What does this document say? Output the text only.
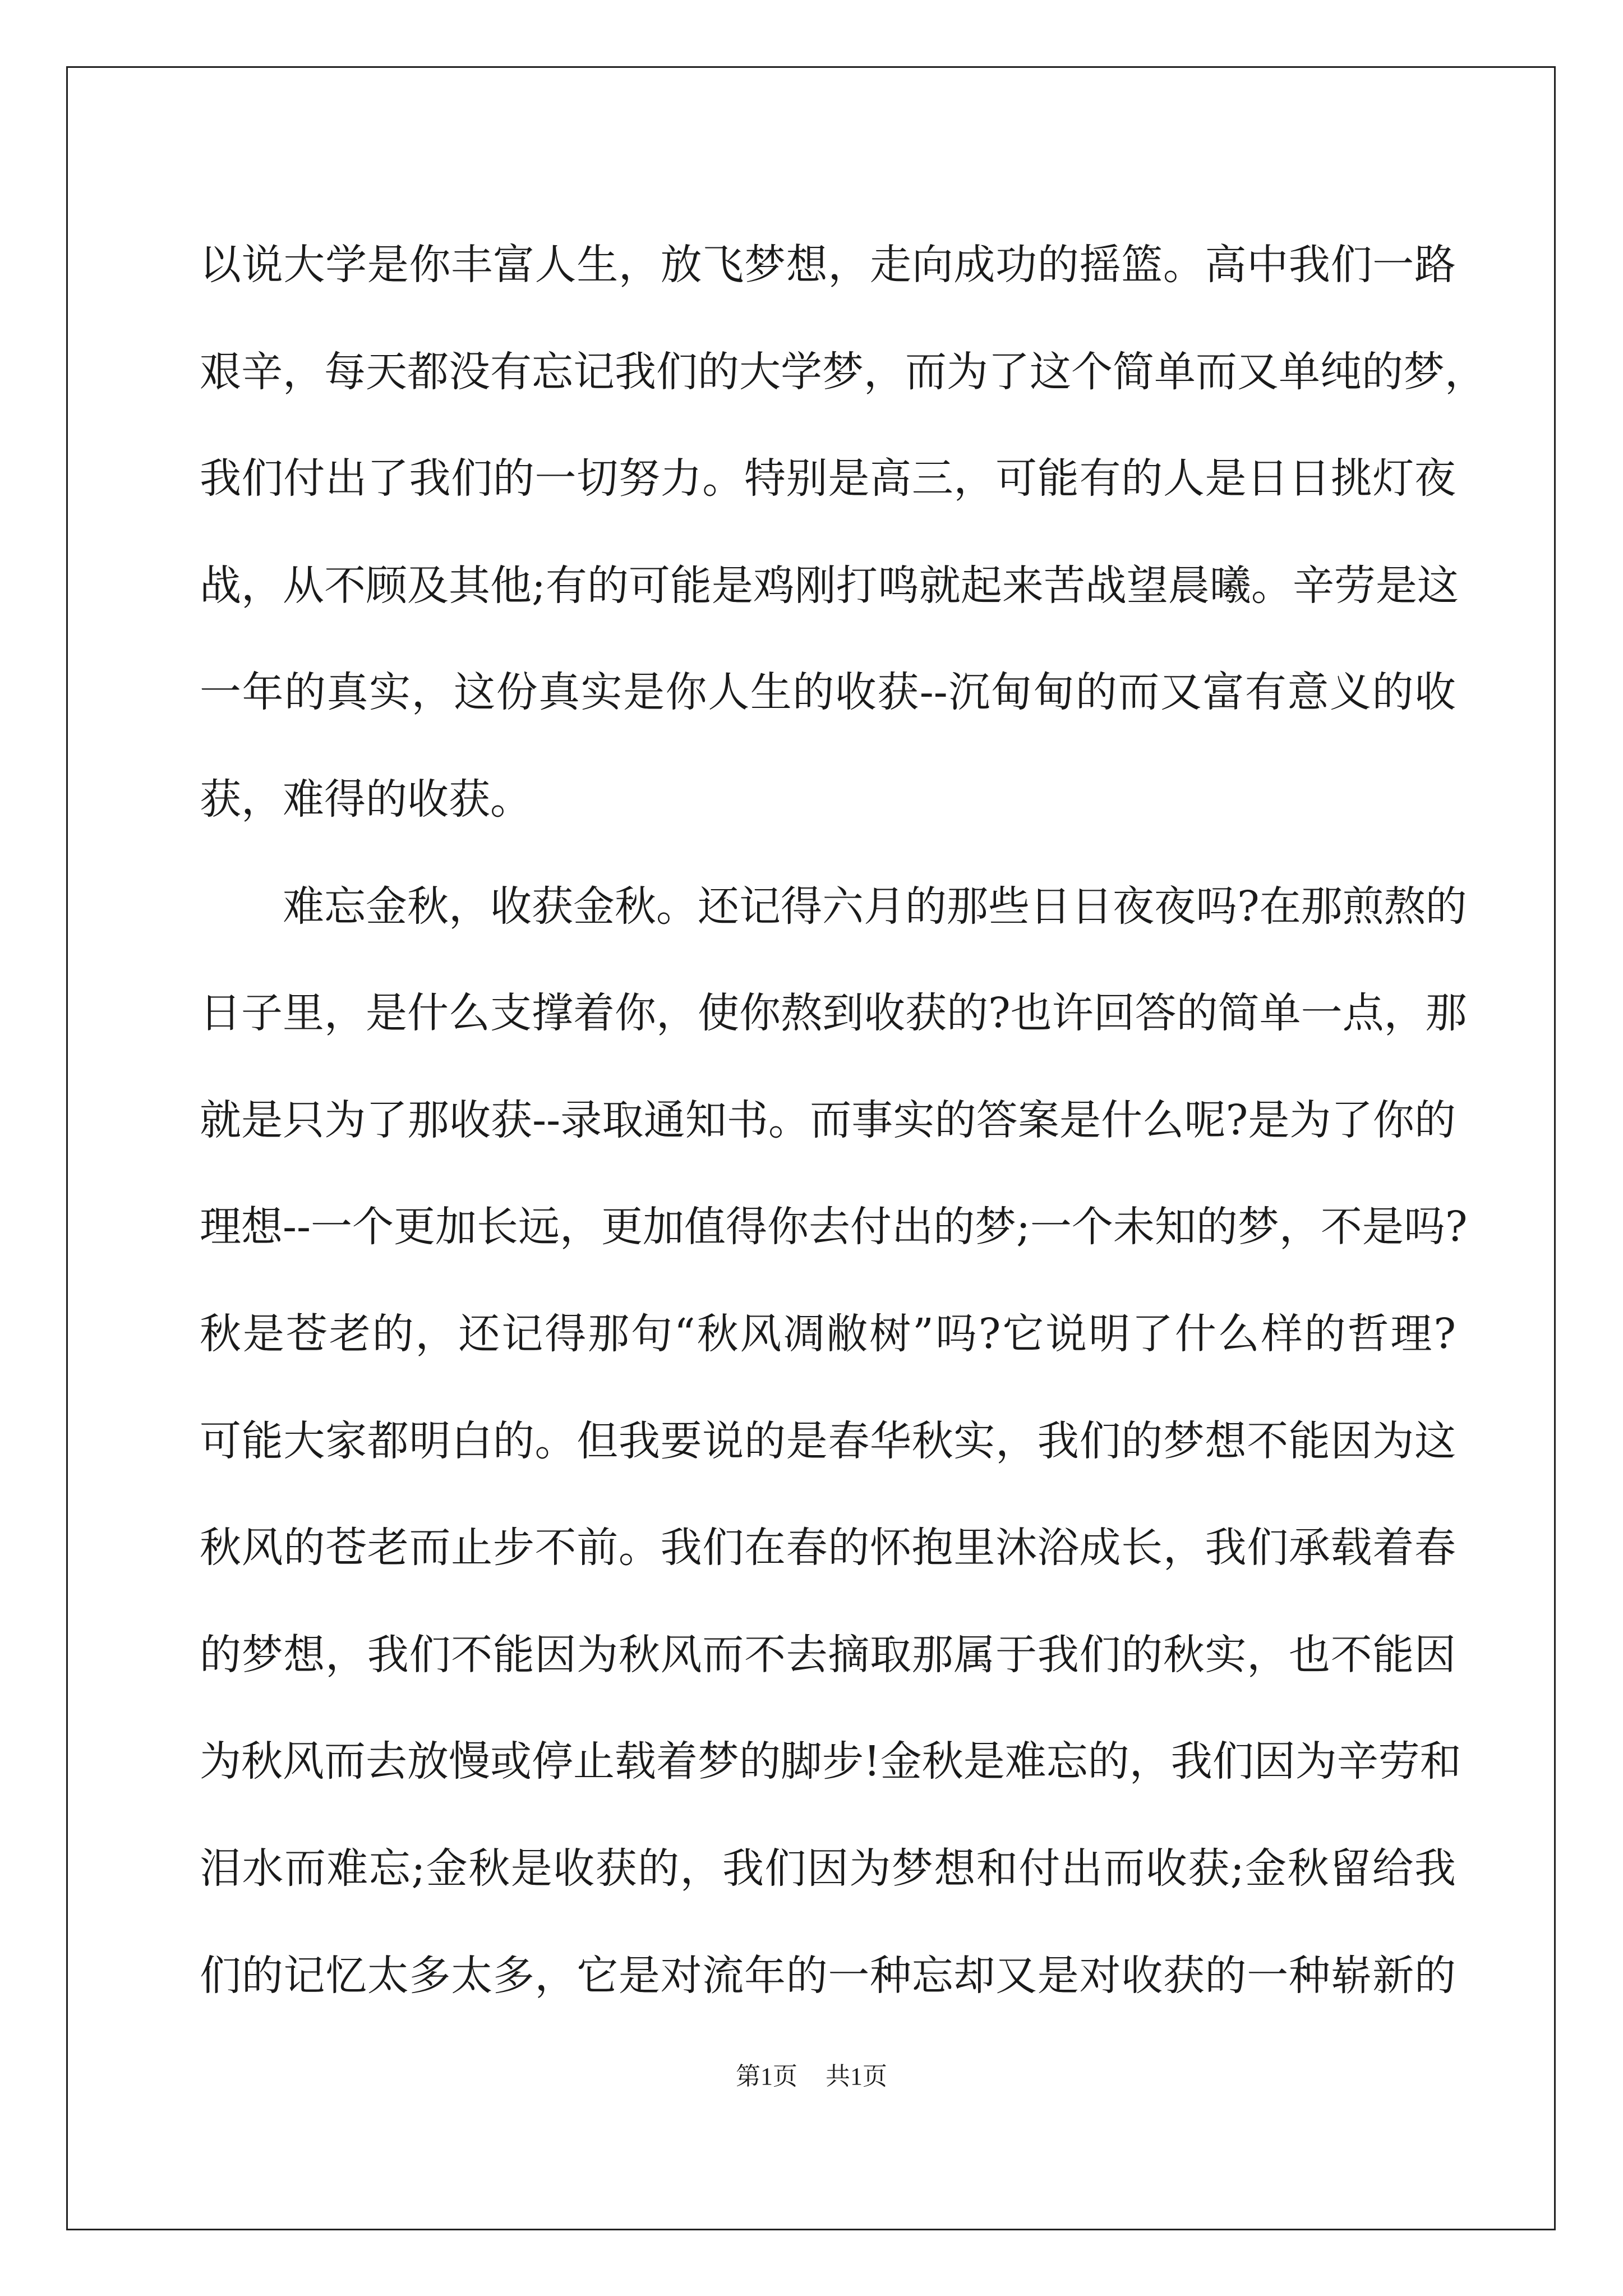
以说大学是你丰富人生，放飞梦想，走向成功的摇篮。高中我们一路
艰辛，每天都没有忘记我们的大学梦，而为了这个简单而又单纯的梦，
我们付出了我们的一切努力。特别是高三，可能有的人是日日挑灯夜
战，从不顾及其他;有的可能是鸡刚打鸣就起来苦战望晨曦。辛劳是这
一年的真实，这份真实是你人生的收获--沉甸甸的而又富有意义的收
获，难得的收获。
　　难忘金秋，收获金秋。还记得六月的那些日日夜夜吗?在那煎熬的
日子里，是什么支撑着你，使你熬到收获的?也许回答的简单一点，那
就是只为了那收获--录取通知书。而事实的答案是什么呢?是为了你的
理想--一个更加长远，更加值得你去付出的梦;一个未知的梦，不是吗?
秋是苍老的，还记得那句“秋风凋敝树”吗?它说明了什么样的哲理?
可能大家都明白的。但我要说的是春华秋实，我们的梦想不能因为这
秋风的苍老而止步不前。我们在春的怀抱里沐浴成长，我们承载着春
的梦想，我们不能因为秋风而不去摘取那属于我们的秋实，也不能因
为秋风而去放慢或停止载着梦的脚步!金秋是难忘的，我们因为辛劳和
泪水而难忘;金秋是收获的，我们因为梦想和付出而收获;金秋留给我
们的记忆太多太多，它是对流年的一种忘却又是对收获的一种崭新的
第1页 共1页
